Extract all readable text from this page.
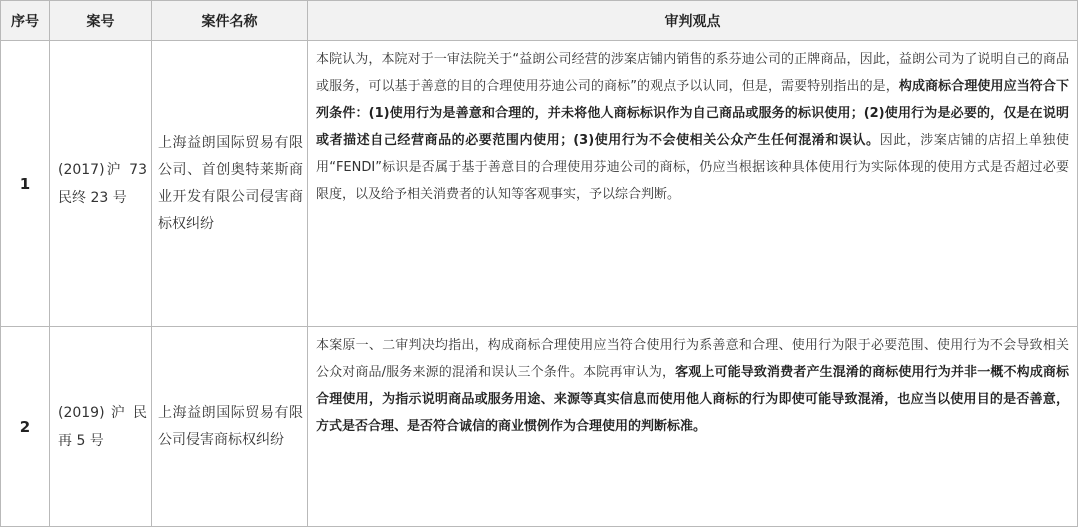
序号	案号	案件名称	审判观点
1	(2017)沪 73 民终 23 号	上海益朗国际贸易有限公司、首创奥特莱斯商业开发有限公司侵害商标权纠纷	本院认为，本院对于一审法院关于“益朗公司经营的涉案店铺内销售的系芬迪公司的正牌商品，因此，益朗公司为了说明自己的商品或服务，可以基于善意的目的合理使用芬迪公司的商标”的观点予以认同，但是，需要特别指出的是，构成商标合理使用应当符合下列条件：(1)使用行为是善意和合理的，并未将他人商标标识作为自己商品或服务的标识使用；(2)使用行为是必要的，仅是在说明或者描述自己经营商品的必要范围内使用；(3)使用行为不会使相关公众产生任何混淆和误认。因此，涉案店铺的店招上单独使用“FENDI”标识是否属于基于善意目的合理使用芬迪公司的商标，仍应当根据该种具体使用行为实际体现的使用方式是否超过必要限度，以及给予相关消费者的认知等客观事实，予以综合判断。
2	(2019) 沪 民 再 5 号	上海益朗国际贸易有限公司侵害商标权纠纷	本案原一、二审判决均指出，构成商标合理使用应当符合使用行为系善意和合理、使用行为限于必要范围、使用行为不会导致相关公众对商品/服务来源的混淆和误认三个条件。本院再审认为，客观上可能导致消费者产生混淆的商标使用行为并非一概不构成商标合理使用，为指示说明商品或服务用途、来源等真实信息而使用他人商标的行为即使可能导致混淆，也应当以使用目的是否善意，方式是否合理、是否符合诚信的商业惯例作为合理使用的判断标准。
